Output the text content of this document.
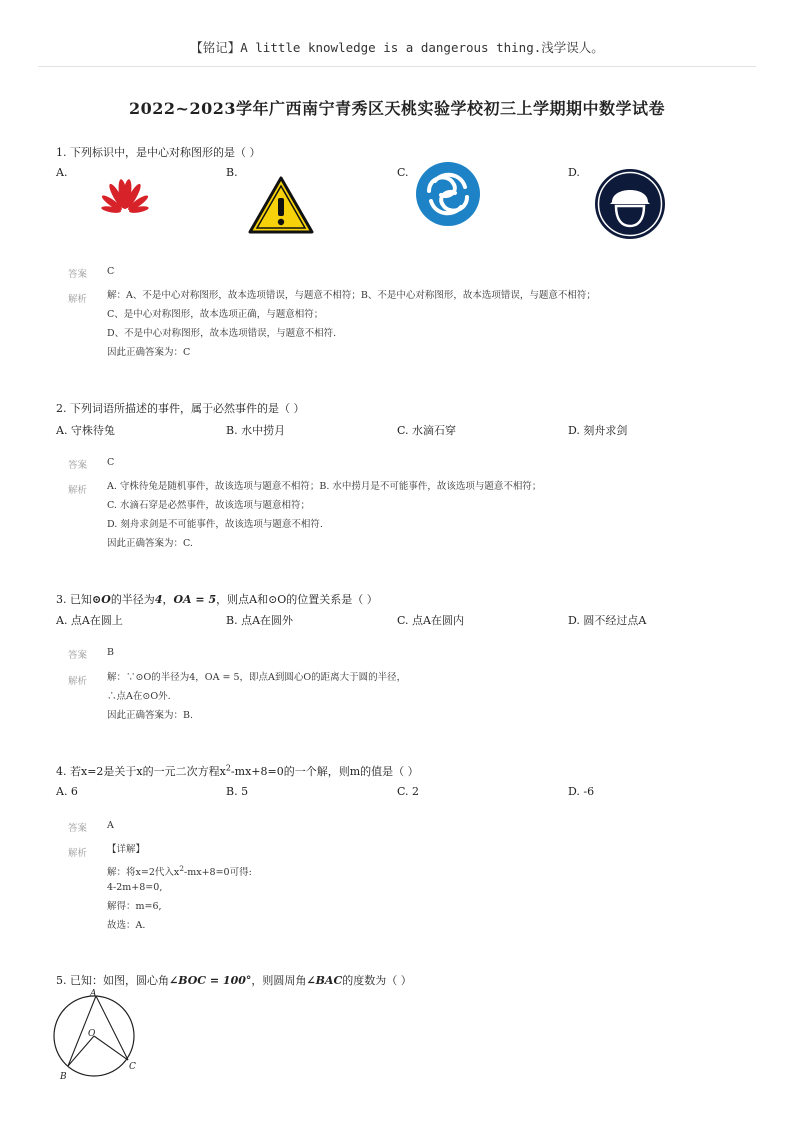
【铭记】A little knowledge is a dangerous thing.浅学误人。
2022~2023学年广西南宁青秀区天桃实验学校初三上学期期中数学试卷
1. 下列标识中，是中心对称图形的是（ ）
A.	B.	C.	D.
答案 C
解析 解：A、不是中心对称图形，故本选项错误，与题意不相符；B、不是中心对称图形，故本选项错误，与题意不相符；
C、是中心对称图形，故本选项正确，与题意相符；
D、不是中心对称图形，故本选项错误，与题意不相符.
因此正确答案为：C
2. 下列词语所描述的事件，属于必然事件的是（ ）
A. 守株待兔	B. 水中捞月	C. 水滴石穿	D. 刻舟求剑
答案 C
解析 A. 守株待兔是随机事件，故该选项与题意不相符；B. 水中捞月是不可能事件，故该选项与题意不相符；
C. 水滴石穿是必然事件，故该选项与题意相符；
D. 刻舟求剑是不可能事件，故该选项与题意不相符.
因此正确答案为：C.
3. 已知⊙O的半径为4，OA = 5，则点A和⊙O的位置关系是（ ）
A. 点A在圆上	B. 点A在圆外	C. 点A在圆内	D. 圆不经过点A
答案 B
解析 解：∵⊙O的半径为4，OA = 5，即点A到圆心O的距离大于圆的半径，
∴点A在⊙O外.
因此正确答案为：B.
4. 若x=2是关于x的一元二次方程$x^2-mx+8=0$的一个解，则m的值是（ ）
A. 6	B. 5	C. 2	D. -6
答案 A
解析 【详解】
解：将x=2代入$x^2-mx+8=0$可得:
4-2m+8=0,
解得：m=6,
故选：A.
5. 已知：如图，圆心角∠BOC = 100°，则圆周角∠BAC的度数为（ ）
A
O
B
C
